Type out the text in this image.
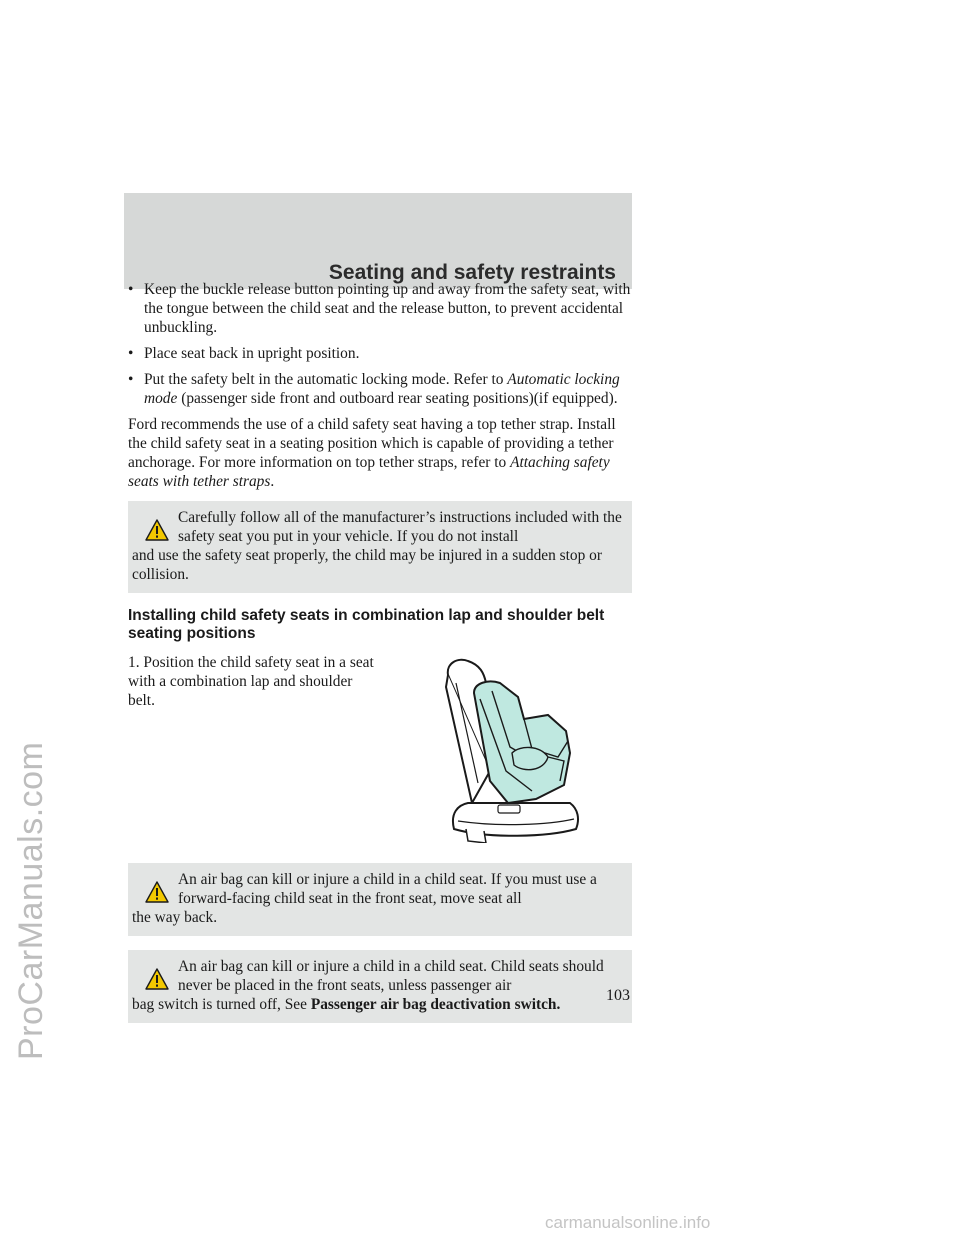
ProCarManuals.com
Seating and safety restraints
• Keep the buckle release button pointing up and away from the safety seat, with the tongue between the child seat and the release button, to prevent accidental unbuckling.
• Place seat back in upright position.
• Put the safety belt in the automatic locking mode. Refer to Automatic locking mode (passenger side front and outboard rear seating positions)(if equipped).

Ford recommends the use of a child safety seat having a top tether strap. Install the child safety seat in a seating position which is capable of providing a tether anchorage. For more information on top tether straps, refer to Attaching safety seats with tether straps.

Carefully follow all of the manufacturer’s instructions included with the safety seat you put in your vehicle. If you do not install
and use the safety seat properly, the child may be injured in a sudden stop or collision.
Installing child safety seats in combination lap and shoulder belt seating positions
1. Position the child safety seat in a seat with a combination lap and shoulder belt.
An air bag can kill or injure a child in a child seat. If you must use a forward-facing child seat in the front seat, move seat all
the way back.
An air bag can kill or injure a child in a child seat. Child seats should never be placed in the front seats, unless passenger air
bag switch is turned off, See Passenger air bag deactivation switch.
103
carmanualsonline.info
